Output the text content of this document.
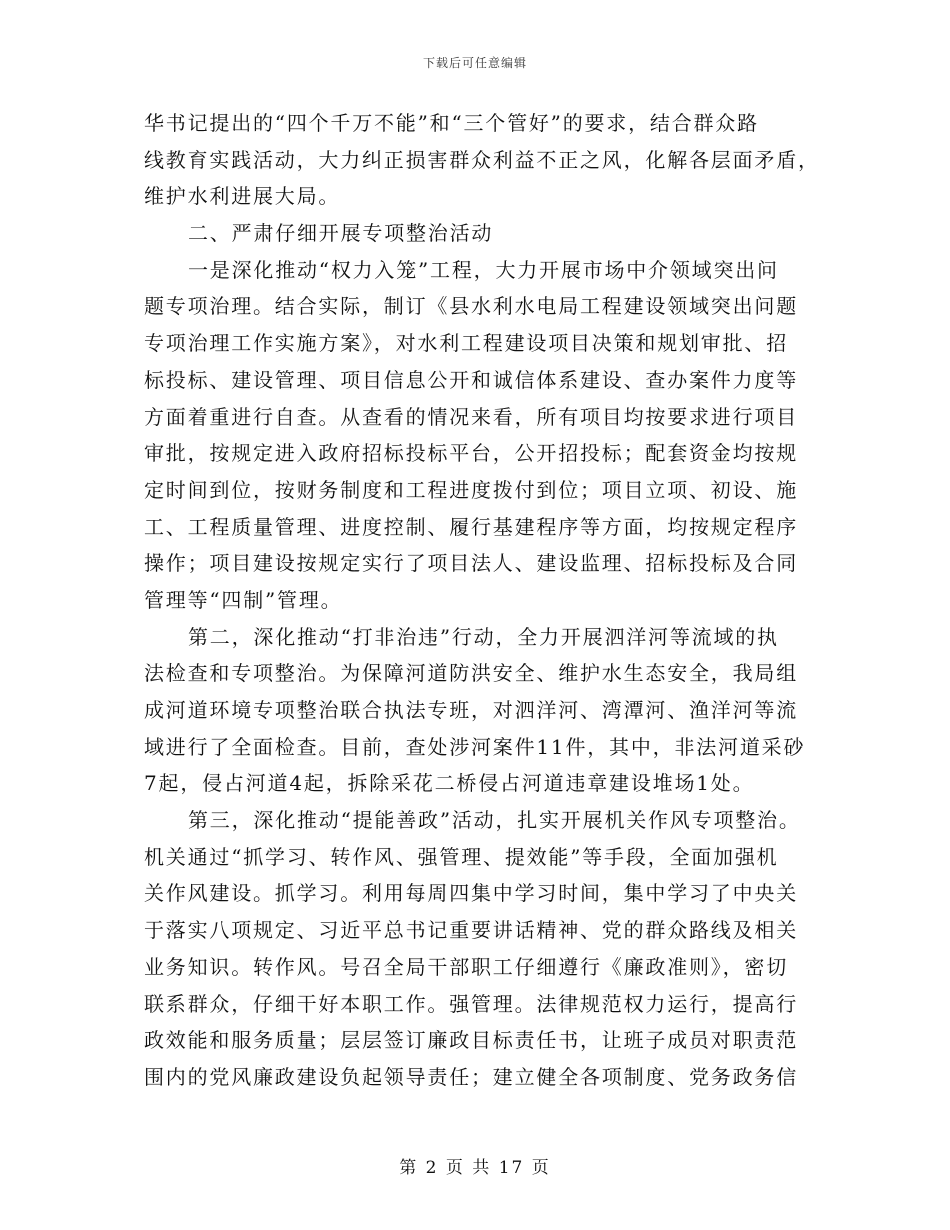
下载后可任意编辑
华书记提出的“四个千万不能”和“三个管好”的要求，结合群众路
线教育实践活动，大力纠正损害群众利益不正之风，化解各层面矛盾，
维护水利进展大局。
二、严肃仔细开展专项整治活动
一是深化推动“权力入笼”工程，大力开展市场中介领域突出问
题专项治理。结合实际，制订《县水利水电局工程建设领域突出问题
专项治理工作实施方案》，对水利工程建设项目决策和规划审批、招
标投标、建设管理、项目信息公开和诚信体系建设、查办案件力度等
方面着重进行自查。从查看的情况来看，所有项目均按要求进行项目
审批，按规定进入政府招标投标平台，公开招投标；配套资金均按规
定时间到位，按财务制度和工程进度拨付到位；项目立项、初设、施
工、工程质量管理、进度控制、履行基建程序等方面，均按规定程序
操作；项目建设按规定实行了项目法人、建设监理、招标投标及合同
管理等“四制”管理。
第二，深化推动“打非治违”行动，全力开展泗洋河等流域的执
法检查和专项整治。为保障河道防洪安全、维护水生态安全，我局组
成河道环境专项整治联合执法专班，对泗洋河、湾潭河、渔洋河等流
域进行了全面检查。目前，查处涉河案件11件，其中，非法河道采砂
7起，侵占河道4起，拆除采花二桥侵占河道违章建设堆场1处。
第三，深化推动“提能善政”活动，扎实开展机关作风专项整治。
机关通过“抓学习、转作风、强管理、提效能”等手段，全面加强机
关作风建设。抓学习。利用每周四集中学习时间，集中学习了中央关
于落实八项规定、习近平总书记重要讲话精神、党的群众路线及相关
业务知识。转作风。号召全局干部职工仔细遵行《廉政准则》，密切
联系群众，仔细干好本职工作。强管理。法律规范权力运行，提高行
政效能和服务质量；层层签订廉政目标责任书，让班子成员对职责范
围内的党风廉政建设负起领导责任；建立健全各项制度、党务政务信
第 2 页 共 17 页
